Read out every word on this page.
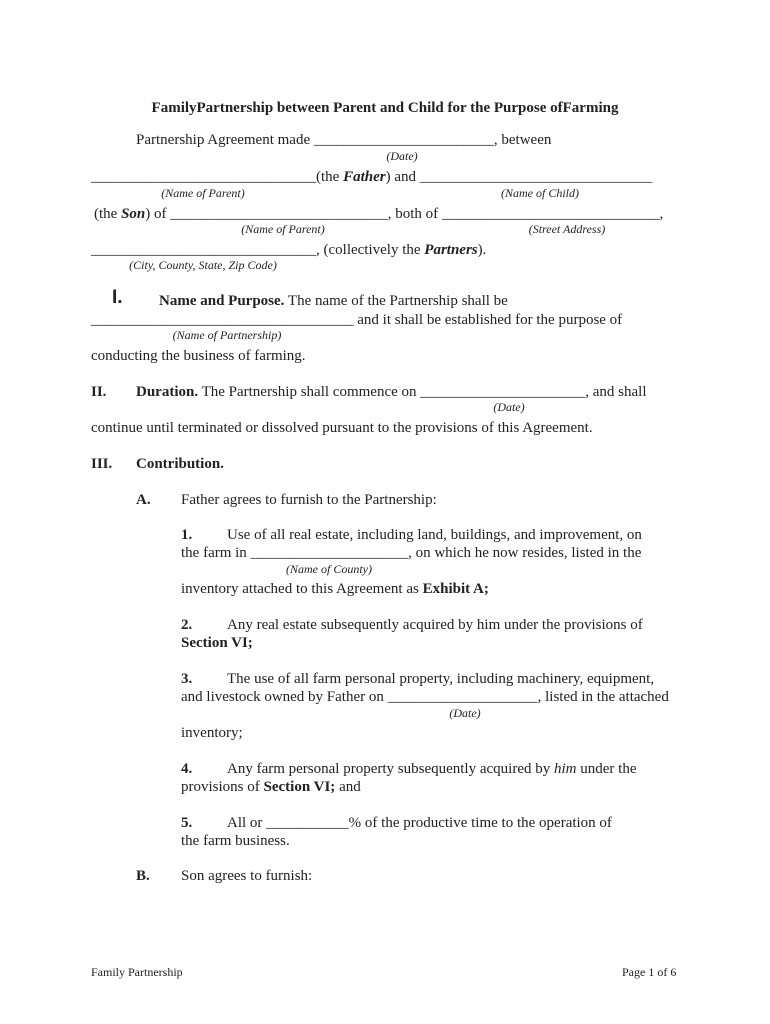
FamilyPartnership between Parent and Child for the Purpose ofFarming
Partnership Agreement made ________________________, between
(Date)
______________________________(the Father) and _______________________________
(Name of Parent)	(Name of Child)
(the Son) of _____________________________, both of _____________________________,
(Name of Parent)	(Street Address)
______________________________, (collectively the Partners).
(City, County, State, Zip Code)
I. Name and Purpose. The name of the Partnership shall be
___________________________________ and it shall be established for the purpose of
(Name of Partnership)
conducting the business of farming.
II. Duration. The Partnership shall commence on ______________________, and shall
(Date)
continue until terminated or dissolved pursuant to the provisions of this Agreement.
III. Contribution.
A. Father agrees to furnish to the Partnership:
1. Use of all real estate, including land, buildings, and improvement, on
the farm in _____________________, on which he now resides, listed in the
(Name of County)
inventory attached to this Agreement as Exhibit A;
2. Any real estate subsequently acquired by him under the provisions of
Section VI;
3. The use of all farm personal property, including machinery, equipment,
and livestock owned by Father on ____________________, listed in the attached
(Date)
inventory;
4. Any farm personal property subsequently acquired by him under the
provisions of Section VI; and
5. All or ___________% of the productive time to the operation of
the farm business.
B. Son agrees to furnish:
Family Partnership	Page 1 of 6
